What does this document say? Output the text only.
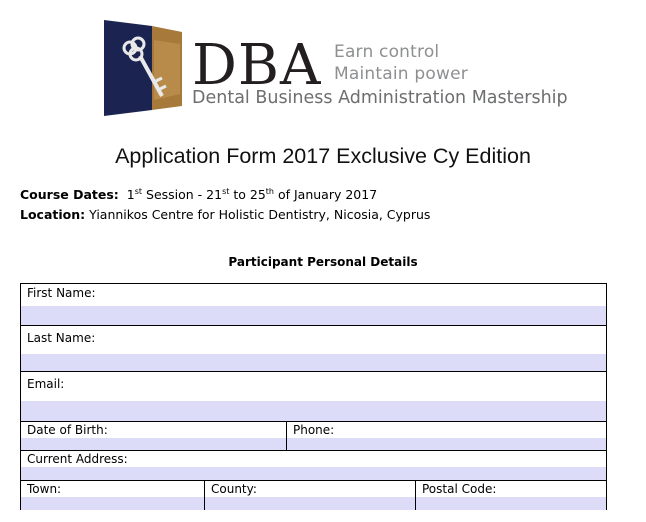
DBA Earn control
Maintain power
Dental Business Administration Mastership
Application Form 2017 Exclusive Cy Edition
Course Dates: 1st Session - 21st to 25th of January 2017
Location: Yiannikos Centre for Holistic Dentistry, Nicosia, Cyprus
Participant Personal Details
First Name:
Last Name:
Email:
Date of Birth:	Phone:
Current Address:
Town:	County:	Postal Code:
